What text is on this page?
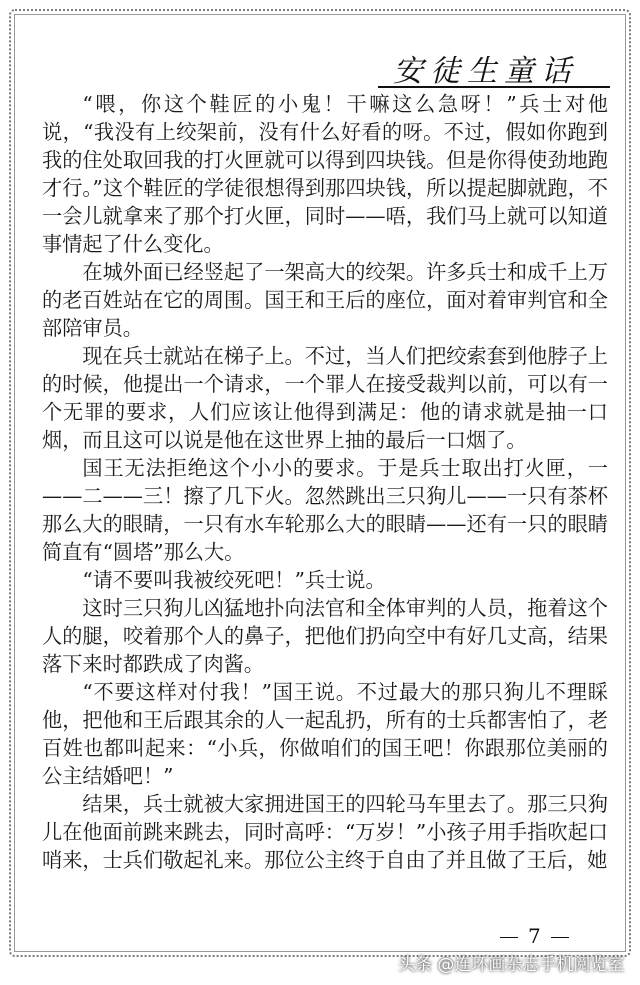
安徒生童话

“喂，你这个鞋匠的小鬼！干嘛这么急呀！”兵士对他说，“我没有上绞架前，没有什么好看的呀。不过，假如你跑到我的住处取回我的打火匣就可以得到四块钱。但是你得使劲地跑才行。”这个鞋匠的学徒很想得到那四块钱，所以提起脚就跑，不一会儿就拿来了那个打火匣，同时——唔，我们马上就可以知道事情起了什么变化。

在城外面已经竖起了一架高大的绞架。许多兵士和成千上万的老百姓站在它的周围。国王和王后的座位，面对着审判官和全部陪审员。

现在兵士就站在梯子上。不过，当人们把绞索套到他脖子上的时候，他提出一个请求，一个罪人在接受裁判以前，可以有一个无罪的要求，人们应该让他得到满足：他的请求就是抽一口烟，而且这可以说是他在这世界上抽的最后一口烟了。

国王无法拒绝这个小小的要求。于是兵士取出打火匣，一——二——三！擦了几下火。忽然跳出三只狗儿——一只有茶杯那么大的眼睛，一只有水车轮那么大的眼睛——还有一只的眼睛简直有“圆塔”那么大。

“请不要叫我被绞死吧！”兵士说。

这时三只狗儿凶猛地扑向法官和全体审判的人员，拖着这个人的腿，咬着那个人的鼻子，把他们扔向空中有好几丈高，结果落下来时都跌成了肉酱。

“不要这样对付我！”国王说。不过最大的那只狗儿不理睬他，把他和王后跟其余的人一起乱扔，所有的士兵都害怕了，老百姓也都叫起来：“小兵，你做咱们的国王吧！你跟那位美丽的公主结婚吧！”

结果，兵士就被大家拥进国王的四轮马车里去了。那三只狗儿在他面前跳来跳去，同时高呼：“万岁！”小孩子用手指吹起口哨来，士兵们敬起礼来。那位公主终于自由了并且做了王后，她

7
头条 @连环画杂志手机阅览室
